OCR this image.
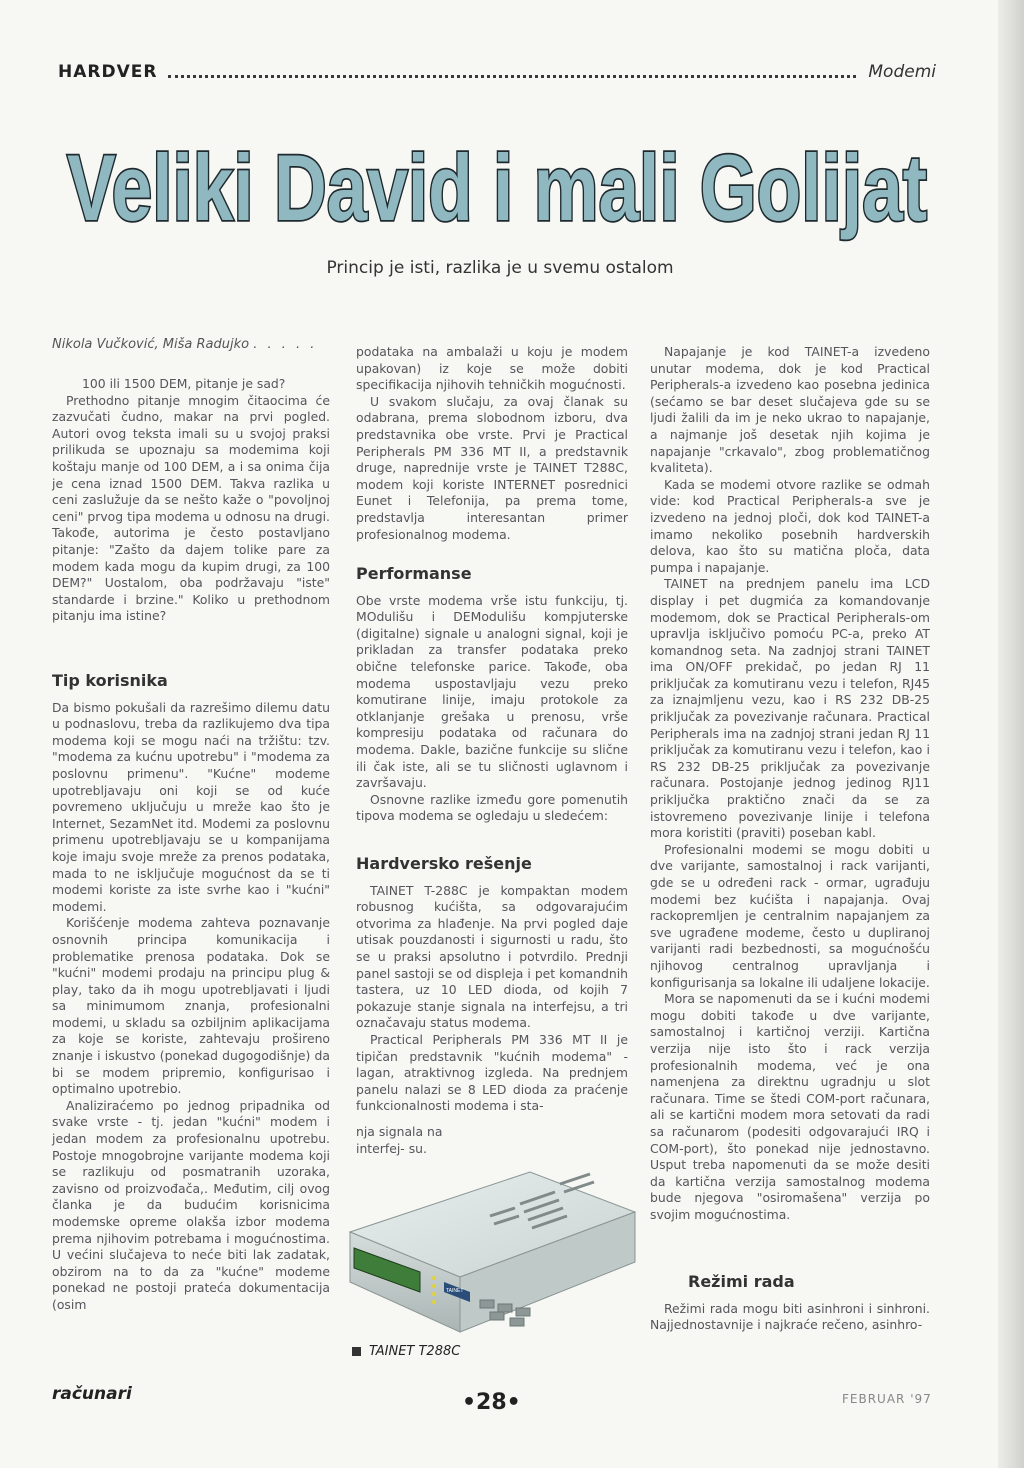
HARDVER	Modemi
Veliki David i mali Golijat
Princip je isti, razlika je u svemu ostalom
Nikola Vučković, Miša Radujko . . . . .

100 ili 1500 DEM, pitanje je sad?

Prethodno pitanje mnogim čitaocima će zazvučati čudno, makar na prvi pogled. Autori ovog teksta imali su u svojoj praksi prilikuda se upoznaju sa modemima koji koštaju manje od 100 DEM, a i sa onima čija je cena iznad 1500 DEM. Takva razlika u ceni zaslužuje da se nešto kaže o "povoljnoj ceni" prvog tipa modema u odnosu na drugi. Takođe, autorima je često postavljano pitanje: "Zašto da dajem tolike pare za modem kada mogu da kupim drugi, za 100 DEM?" Uostalom, oba podržavaju "iste" standarde i brzine." Koliko u prethodnom pitanju ima istine?

Tip korisnika

Da bismo pokušali da razrešimo dilemu datu u podnaslovu, treba da razlikujemo dva tipa modema koji se mogu naći na tržištu: tzv. "modema za kućnu upotrebu" i "modema za poslovnu primenu". "Kućne" modeme upotrebljavaju oni koji se od kuće povremeno uključuju u mreže kao što je Internet, SezamNet itd. Modemi za poslovnu primenu upotrebljavaju se u kompanijama koje imaju svoje mreže za prenos podataka, mada to ne isključuje mogućnost da se ti modemi koriste za iste svrhe kao i "kućni" modemi.

Korišćenje modema zahteva poznavanje osnovnih principa komunikacija i problematike prenosa podataka. Dok se "kućni" modemi prodaju na principu plug & play, tako da ih mogu upotrebljavati i ljudi sa minimumom znanja, profesionalni modemi, u skladu sa ozbiljnim aplikacijama za koje se koriste, zahtevaju prošireno znanje i iskustvo (ponekad dugogodišnje) da bi se modem pripremio, konfigurisao i optimalno upotrebio.

Analiziraćemo po jednog pripadnika od svake vrste - tj. jedan "kućni" modem i jedan modem za profesionalnu upotrebu. Postoje mnogobrojne varijante modema koji se razlikuju od posmatranih uzoraka, zavisno od proizvođača,. Međutim, cilj ovog članka je da budućim korisnicima modemske opreme olakša izbor modema prema njihovim potrebama i mogućnostima. U većini slučajeva to neće biti lak zadatak, obzirom na to da za "kućne" modeme ponekad ne postoji prateća dokumentacija (osim

podataka na ambalaži u koju je modem upakovan) iz koje se može dobiti specifikacija njihovih tehničkih mogućnosti.

U svakom slučaju, za ovaj članak su odabrana, prema slobodnom izboru, dva predstavnika obe vrste. Prvi je Practical Peripherals PM 336 MT II, a predstavnik druge, naprednije vrste je TAINET T288C, modem koji koriste INTERNET posrednici Eunet i Telefonija, pa prema tome, predstavlja interesantan primer profesionalnog modema.

Performanse

Obe vrste modema vrše istu funkciju, tj. MOdulišu i DEModulišu kompjuterske (digitalne) signale u analogni signal, koji je prikladan za transfer podataka preko običnе telefonske parice. Takođe, oba modema uspostavljaju vezu preko komutirane linije, imaju protokole za otklanjanje grešaka u prenosu, vrše kompresiju podataka od računara do modema. Dakle, bazične funkcije su slične ili čak iste, ali se tu sličnosti uglavnom i završavaju.

Osnovne razlike između gore pomenutih tipova modema se ogledaju u sledećem:

Hardversko rešenje

TAINET T-288C je kompaktan modem robusnog kućišta, sa odgovarajućim otvorima za hlađenje. Na prvi pogled daje utisak pouzdanosti i sigurnosti u radu, što se u praksi apsolutno i potvrdilo. Prednji panel sastoji se od displeja i pet komandnih tastera, uz 10 LED dioda, od kojih 7 pokazuje stanje signala na interfejsu, a tri označavaju status modema.

Practical Peripherals PM 336 MT II je tipičan predstavnik "kućnih modema" - lagan, atraktivnog izgleda. Na prednjem panelu nalazi se 8 LED dioda za praćenje funkcionalnosti modema i sta-

nja signala na interfej- su.

Napajanje je kod TAINET-a izvedeno unutar modema, dok je kod Practical Peripherals-a izvedeno kao posebna jedinica (sećamo se bar deset slučajeva gde su se ljudi žalili da im je neko ukrao to napajanje, a najmanje još desetak njih kojima je napajanje "crkavalo", zbog problematičnog kvaliteta).

Kada se modemi otvore razlike se odmah vide: kod Practical Peripherals-a sve je izvedeno na jednoj ploči, dok kod TAINET-a imamo nekoliko posebnih hardverskih delova, kao što su matična ploča, data pumpa i napajanje.

TAINET na prednjem panelu ima LCD display i pet dugmića za komandovanje modemom, dok se Practical Peripherals-om upravlja isključivo pomoću PC-a, preko AT komandnog seta. Na zadnjoj strani TAINET ima ON/OFF prekidač, po jedan RJ 11 priključak za komutiranu vezu i telefon, RJ45 za iznajmljenu vezu, kao i RS 232 DB-25 priključak za povezivanje računara. Practical Peripherals ima na zadnjoj strani jedan RJ 11 priključak za komutiranu vezu i telefon, kao i RS 232 DB-25 priključak za povezivanje računara. Postojanje jednog jedinog RJ11 priključka praktično znači da se za istovremeno povezivanje linije i telefona mora koristiti (praviti) poseban kabl.

Profesionalni modemi se mogu dobiti u dve varijante, samostalnoj i rack varijanti, gde se u određeni rack - ormar, ugrađuju modemi bez kućišta i napajanja. Ovaj rackopremljen je centralnim napajanjem za sve ugrađene modeme, često u dupliranoj varijanti radi bezbednosti, sa mogućnošću njihovog centralnog upravljanja i konfigurisanja sa lokalne ili udaljene lokacije.

Mora se napomenuti da se i kućni modemi mogu dobiti takođe u dve varijante, samostalnoj i kartičnoj verziji. Kartična verzija nije isto što i rack verzija profesionalnih modema, već je ona namenjena za direktnu ugradnju u slot računara. Time se štedi COM-port računara, ali se kartični modem mora setovati da radi sa računarom (podesiti odgovarajući IRQ i COM-port), što ponekad nije jednostavno. Usput treba napomenuti da se može desiti da kartična verzija samostalnog modema bude njegova "osiromašena" verzija po svojim mogućnostima.

Režimi rada

Režimi rada mogu biti asinhroni i sinhroni. Najjednostavnije i najkraće rečeno, asinhro-

TAINET
TAINET T288C
računari	•28•	FEBRUAR '97
